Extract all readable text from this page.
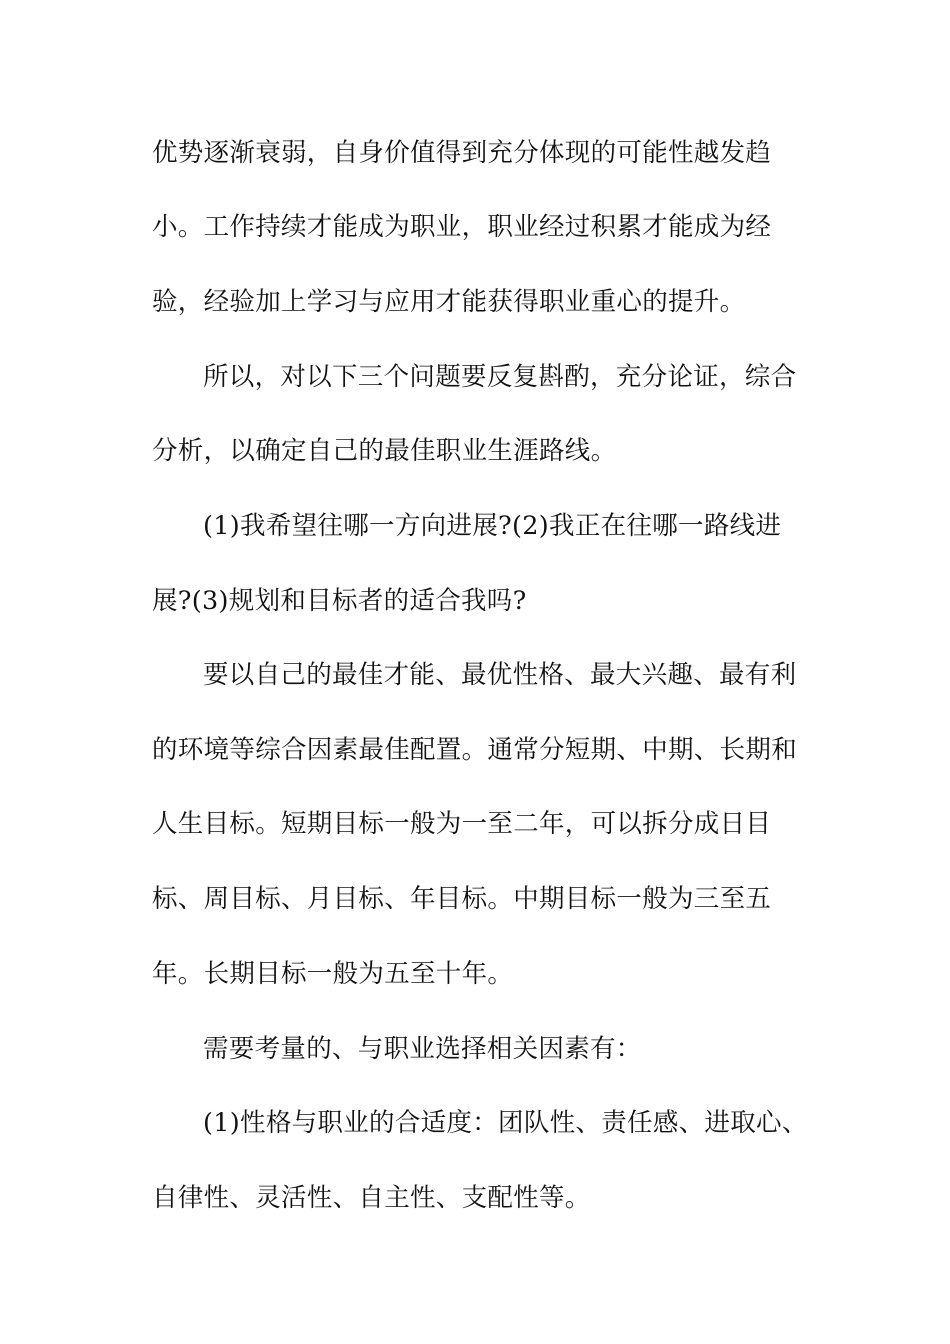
优势逐渐衰弱，自身价值得到充分体现的可能性越发趋
小。工作持续才能成为职业，职业经过积累才能成为经
验，经验加上学习与应用才能获得职业重心的提升。
所以，对以下三个问题要反复斟酌，充分论证，综合
分析，以确定自己的最佳职业生涯路线。
(1)我希望往哪一方向进展?(2)我正在往哪一路线进
展?(3)规划和目标者的适合我吗?
要以自己的最佳才能、最优性格、最大兴趣、最有利
的环境等综合因素最佳配置。通常分短期、中期、长期和
人生目标。短期目标一般为一至二年，可以拆分成日目
标、周目标、月目标、年目标。中期目标一般为三至五
年。长期目标一般为五至十年。
需要考量的、与职业选择相关因素有：
(1)性格与职业的合适度：团队性、责任感、进取心、
自律性、灵活性、自主性、支配性等。
